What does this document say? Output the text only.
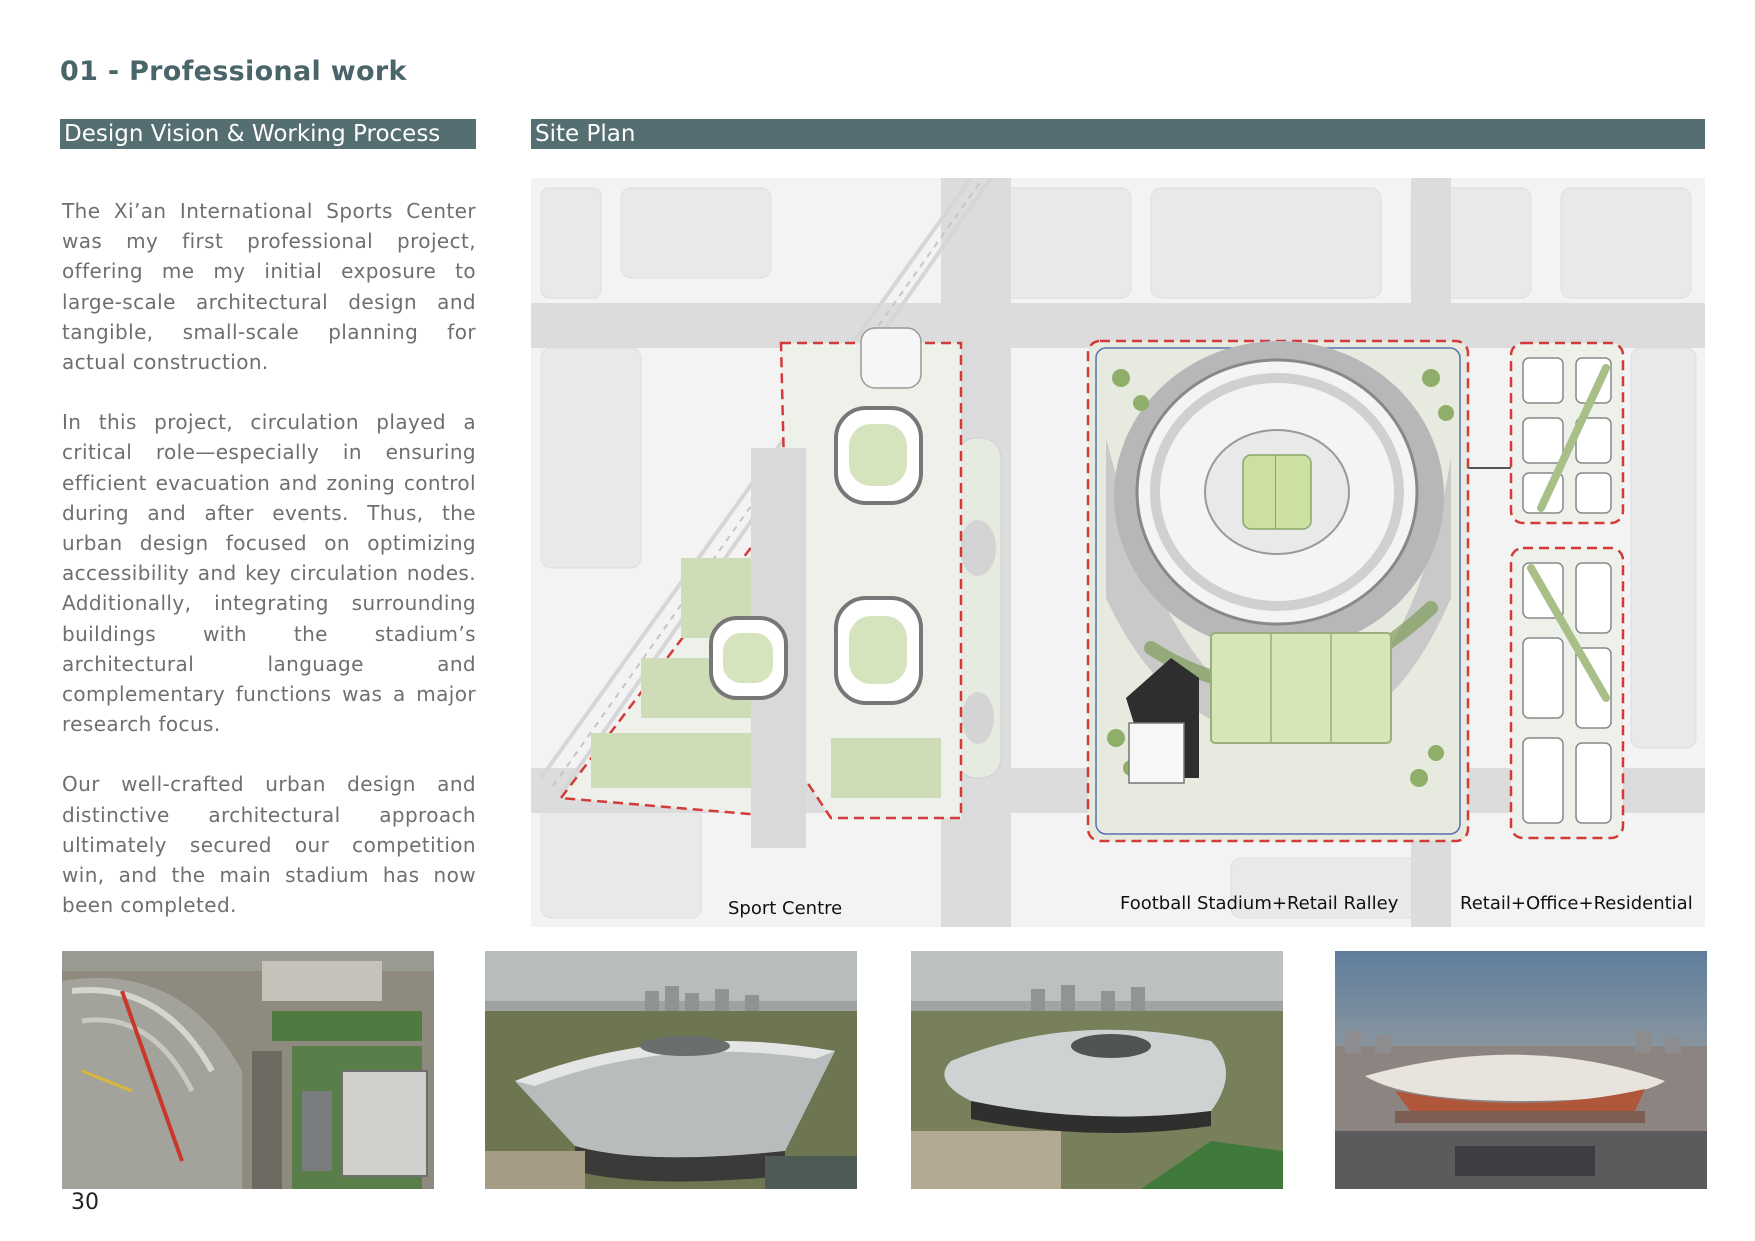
01 - Professional work
Design Vision & Working Process	Site Plan

The Xi’an International Sports Center was my first professional project, offering me my initial exposure to large-scale architectural design and tangible, small-scale planning for actual construction.

In this project, circulation played a critical role—especially in ensuring efficient evacuation and zoning control during and after events. Thus, the urban design focused on optimizing accessibility and key circulation nodes. Additionally, integrating surrounding buildings with the stadium’s architectural language and complementary functions was a major research focus.

Our well-crafted urban design and distinctive architectural approach ultimately secured our competition win, and the main stadium has now been completed.	Sport Centre	Football Stadium+Retail Ralley	Retail+Office+Residential
30
